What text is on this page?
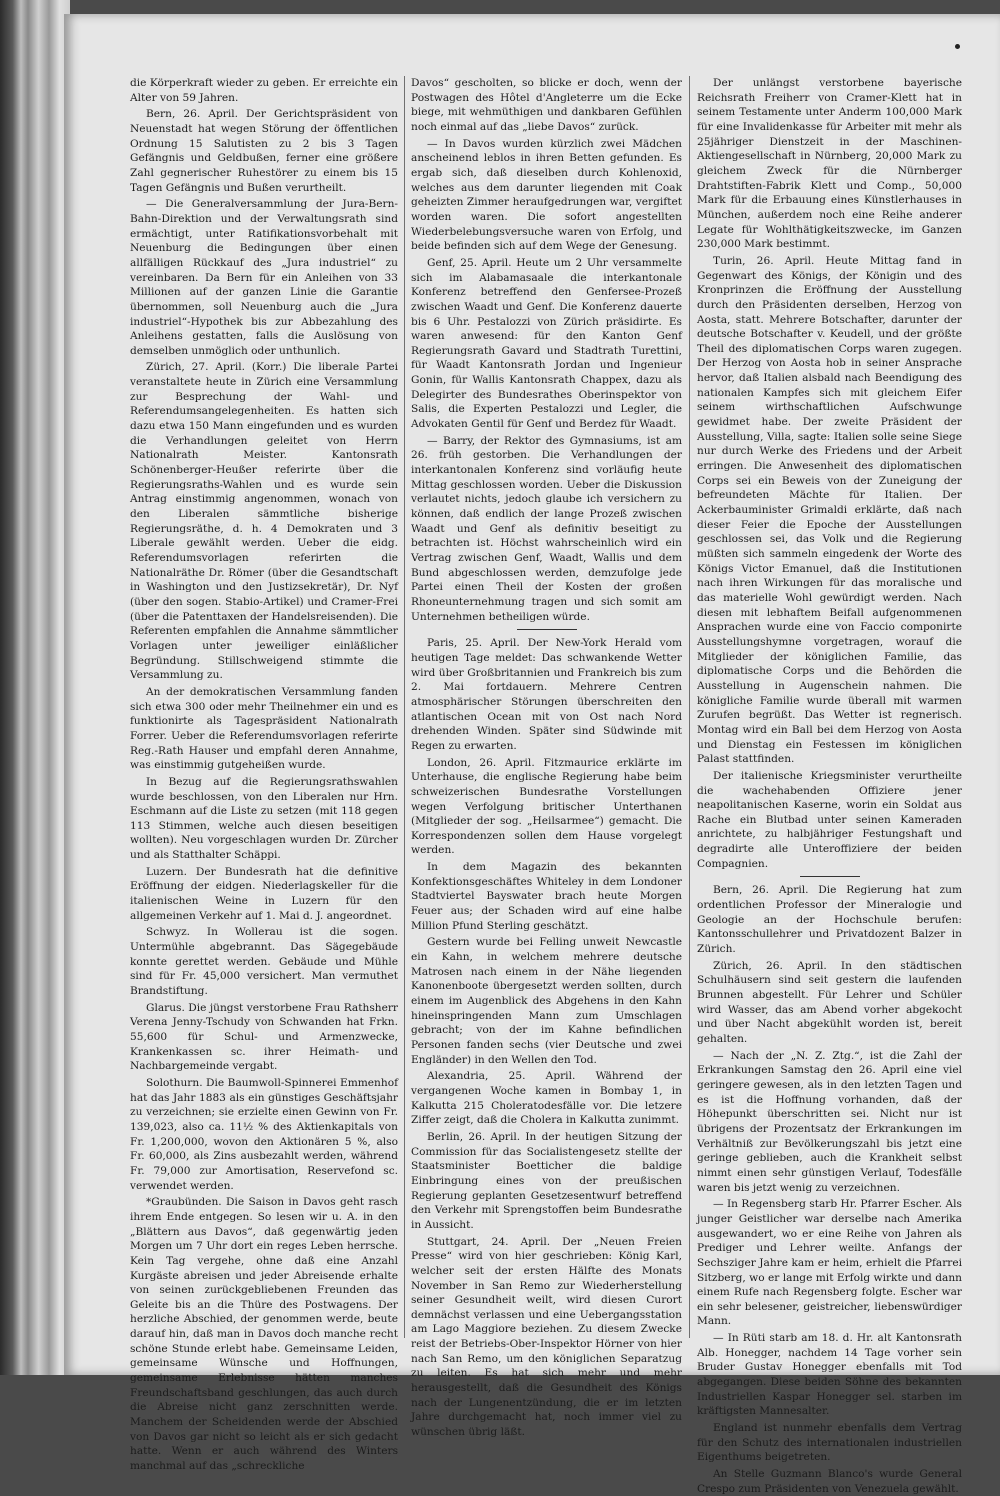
die Körperkraft wieder zu geben. Er erreichte ein Alter von 59 Jahren.

Bern, 26. April. Der Gerichtspräsident von Neuenstadt hat wegen Störung der öffentlichen Ordnung 15 Salutisten zu 2 bis 3 Tagen Gefängnis und Geldbußen, ferner eine größere Zahl gegnerischer Ruhestörer zu einem bis 15 Tagen Gefängnis und Bußen verurtheilt.

— Die Generalversammlung der Jura-Bern-Bahn-Direktion und der Verwaltungsrath sind ermächtigt, unter Ratifikationsvorbehalt mit Neuenburg die Bedingungen über einen allfälligen Rückkauf des „Jura industriel“ zu vereinbaren. Da Bern für ein Anleihen von 33 Millionen auf der ganzen Linie die Garantie übernommen, soll Neuenburg auch die „Jura industriel“-Hypothek bis zur Abbezahlung des Anleihens gestatten, falls die Auslösung von demselben unmöglich oder unthunlich.

Zürich, 27. April. (Korr.) Die liberale Partei veranstaltete heute in Zürich eine Versammlung zur Besprechung der Wahl- und Referendumsangelegenheiten. Es hatten sich dazu etwa 150 Mann eingefunden und es wurden die Verhandlungen geleitet von Herrn Nationalrath Meister. Kantonsrath Schönenberger-Heußer referirte über die Regierungsraths-Wahlen und es wurde sein Antrag einstimmig angenommen, wonach von den Liberalen sämmtliche bisherige Regierungsräthe, d. h. 4 Demokraten und 3 Liberale gewählt werden. Ueber die eidg. Referendumsvorlagen referirten die Nationalräthe Dr. Römer (über die Gesandtschaft in Washington und den Justizsekretär), Dr. Nyf (über den sogen. Stabio-Artikel) und Cramer-Frei (über die Patenttaxen der Handelsreisenden). Die Referenten empfahlen die Annahme sämmtlicher Vorlagen unter jeweiliger einläßlicher Begründung. Stillschweigend stimmte die Versammlung zu.

An der demokratischen Versammlung fanden sich etwa 300 oder mehr Theilnehmer ein und es funktionirte als Tagespräsident Nationalrath Forrer. Ueber die Referendumsvorlagen referirte Reg.-Rath Hauser und empfahl deren Annahme, was einstimmig gutgeheißen wurde.

In Bezug auf die Regierungsrathswahlen wurde beschlossen, von den Liberalen nur Hrn. Eschmann auf die Liste zu setzen (mit 118 gegen 113 Stimmen, welche auch diesen beseitigen wollten). Neu vorgeschlagen wurden Dr. Zürcher und als Statthalter Schäppi.

Luzern. Der Bundesrath hat die definitive Eröffnung der eidgen. Niederlagskeller für die italienischen Weine in Luzern für den allgemeinen Verkehr auf 1. Mai d. J. angeordnet.

Schwyz. In Wollerau ist die sogen. Untermühle abgebrannt. Das Sägegebäude konnte gerettet werden. Gebäude und Mühle sind für Fr. 45,000 versichert. Man vermuthet Brandstiftung.

Glarus. Die jüngst verstorbene Frau Rathsherr Verena Jenny-Tschudy von Schwanden hat Frkn. 55,600 für Schul- und Armenzwecke, Krankenkassen sc. ihrer Heimath- und Nachbargemeinde vergabt.

Solothurn. Die Baumwoll-Spinnerei Emmenhof hat das Jahr 1883 als ein günstiges Geschäftsjahr zu verzeichnen; sie erzielte einen Gewinn von Fr. 139,023, also ca. 11½ % des Aktienkapitals von Fr. 1,200,000, wovon den Aktionären 5 %, also Fr. 60,000, als Zins ausbezahlt werden, während Fr. 79,000 zur Amortisation, Reservefond sc. verwendet werden.

*Graubünden. Die Saison in Davos geht rasch ihrem Ende entgegen. So lesen wir u. A. in den „Blättern aus Davos“, daß gegenwärtig jeden Morgen um 7 Uhr dort ein reges Leben herrsche. Kein Tag vergehe, ohne daß eine Anzahl Kurgäste abreisen und jeder Abreisende erhalte von seinen zurückgebliebenen Freunden das Geleite bis an die Thüre des Postwagens. Der herzliche Abschied, der genommen werde, beute darauf hin, daß man in Davos doch manche recht schöne Stunde erlebt habe. Gemeinsame Leiden, gemeinsame Wünsche und Hoffnungen, gemeinsame Erlebnisse hätten manches Freundschaftsband geschlungen, das auch durch die Abreise nicht ganz zerschnitten werde. Manchem der Scheidenden werde der Abschied von Davos gar nicht so leicht als er sich gedacht hatte. Wenn er auch während des Winters manchmal auf das „schreckliche

Davos“ gescholten, so blicke er doch, wenn der Postwagen des Hôtel d'Angleterre um die Ecke biege, mit wehmüthigen und dankbaren Gefühlen noch einmal auf das „liebe Davos“ zurück.

— In Davos wurden kürzlich zwei Mädchen anscheinend leblos in ihren Betten gefunden. Es ergab sich, daß dieselben durch Kohlenoxid, welches aus dem darunter liegenden mit Coak geheizten Zimmer heraufgedrungen war, vergiftet worden waren. Die sofort angestellten Wiederbelebungsversuche waren von Erfolg, und beide befinden sich auf dem Wege der Genesung.

Genf, 25. April. Heute um 2 Uhr versammelte sich im Alabamasaale die interkantonale Konferenz betreffend den Genfersee-Prozeß zwischen Waadt und Genf. Die Konferenz dauerte bis 6 Uhr. Pestalozzi von Zürich präsidirte. Es waren anwesend: für den Kanton Genf Regierungsrath Gavard und Stadtrath Turettini, für Waadt Kantonsrath Jordan und Ingenieur Gonin, für Wallis Kantonsrath Chappex, dazu als Delegirter des Bundesrathes Oberinspektor von Salis, die Experten Pestalozzi und Legler, die Advokaten Gentil für Genf und Berdez für Waadt.

— Barry, der Rektor des Gymnasiums, ist am 26. früh gestorben. Die Verhandlungen der interkantonalen Konferenz sind vorläufig heute Mittag geschlossen worden. Ueber die Diskussion verlautet nichts, jedoch glaube ich versichern zu können, daß endlich der lange Prozeß zwischen Waadt und Genf als definitiv beseitigt zu betrachten ist. Höchst wahrscheinlich wird ein Vertrag zwischen Genf, Waadt, Wallis und dem Bund abgeschlossen werden, demzufolge jede Partei einen Theil der Kosten der großen Rhoneunternehmung tragen und sich somit am Unternehmen betheiligen würde.

Paris, 25. April. Der New-York Herald vom heutigen Tage meldet: Das schwankende Wetter wird über Großbritannien und Frankreich bis zum 2. Mai fortdauern. Mehrere Centren atmosphärischer Störungen überschreiten den atlantischen Ocean mit von Ost nach Nord drehenden Winden. Später sind Südwinde mit Regen zu erwarten.

London, 26. April. Fitzmaurice erklärte im Unterhause, die englische Regierung habe beim schweizerischen Bundesrathe Vorstellungen wegen Verfolgung britischer Unterthanen (Mitglieder der sog. „Heilsarmee“) gemacht. Die Korrespondenzen sollen dem Hause vorgelegt werden.

In dem Magazin des bekannten Konfektionsgeschäftes Whiteley in dem Londoner Stadtviertel Bayswater brach heute Morgen Feuer aus; der Schaden wird auf eine halbe Million Pfund Sterling geschätzt.

Gestern wurde bei Felling unweit Newcastle ein Kahn, in welchem mehrere deutsche Matrosen nach einem in der Nähe liegenden Kanonenboote übergesetzt werden sollten, durch einem im Augenblick des Abgehens in den Kahn hineinspringenden Mann zum Umschlagen gebracht; von der im Kahne befindlichen Personen fanden sechs (vier Deutsche und zwei Engländer) in den Wellen den Tod.

Alexandria, 25. April. Während der vergangenen Woche kamen in Bombay 1, in Kalkutta 215 Choleratodesfälle vor. Die letzere Ziffer zeigt, daß die Cholera in Kalkutta zunimmt.

Berlin, 26. April. In der heutigen Sitzung der Commission für das Socialistengesetz stellte der Staatsminister Boetticher die baldige Einbringung eines von der preußischen Regierung geplanten Gesetzesentwurf betreffend den Verkehr mit Sprengstoffen beim Bundesrathe in Aussicht.

Stuttgart, 24. April. Der „Neuen Freien Presse“ wird von hier geschrieben: König Karl, welcher seit der ersten Hälfte des Monats November in San Remo zur Wiederherstellung seiner Gesundheit weilt, wird diesen Curort demnächst verlassen und eine Uebergangsstation am Lago Maggiore beziehen. Zu diesem Zwecke reist der Betriebs-Ober-Inspektor Hörner von hier nach San Remo, um den königlichen Separatzug zu leiten. Es hat sich mehr und mehr herausgestellt, daß die Gesundheit des Königs nach der Lungenentzündung, die er im letzten Jahre durchgemacht hat, noch immer viel zu wünschen übrig läßt.

Der unlängst verstorbene bayerische Reichsrath Freiherr von Cramer-Klett hat in seinem Testamente unter Anderm 100,000 Mark für eine Invalidenkasse für Arbeiter mit mehr als 25jähriger Dienstzeit in der Maschinen-Aktiengesellschaft in Nürnberg, 20,000 Mark zu gleichem Zweck für die Nürnberger Drahtstiften-Fabrik Klett und Comp., 50,000 Mark für die Erbauung eines Künstlerhauses in München, außerdem noch eine Reihe anderer Legate für Wohlthätigkeitszwecke, im Ganzen 230,000 Mark bestimmt.

Turin, 26. April. Heute Mittag fand in Gegenwart des Königs, der Königin und des Kronprinzen die Eröffnung der Ausstellung durch den Präsidenten derselben, Herzog von Aosta, statt. Mehrere Botschafter, darunter der deutsche Botschafter v. Keudell, und der größte Theil des diplomatischen Corps waren zugegen. Der Herzog von Aosta hob in seiner Ansprache hervor, daß Italien alsbald nach Beendigung des nationalen Kampfes sich mit gleichem Eifer seinem wirthschaftlichen Aufschwunge gewidmet habe. Der zweite Präsident der Ausstellung, Villa, sagte: Italien solle seine Siege nur durch Werke des Friedens und der Arbeit erringen. Die Anwesenheit des diplomatischen Corps sei ein Beweis von der Zuneigung der befreundeten Mächte für Italien. Der Ackerbauminister Grimaldi erklärte, daß nach dieser Feier die Epoche der Ausstellungen geschlossen sei, das Volk und die Regierung müßten sich sammeln eingedenk der Worte des Königs Victor Emanuel, daß die Institutionen nach ihren Wirkungen für das moralische und das materielle Wohl gewürdigt werden. Nach diesen mit lebhaftem Beifall aufgenommenen Ansprachen wurde eine von Faccio componirte Ausstellungshymne vorgetragen, worauf die Mitglieder der königlichen Familie, das diplomatische Corps und die Behörden die Ausstellung in Augenschein nahmen. Die königliche Familie wurde überall mit warmen Zurufen begrüßt. Das Wetter ist regnerisch. Montag wird ein Ball bei dem Herzog von Aosta und Dienstag ein Festessen im königlichen Palast stattfinden.

Der italienische Kriegsminister verurtheilte die wachehabenden Offiziere jener neapolitanischen Kaserne, worin ein Soldat aus Rache ein Blutbad unter seinen Kameraden anrichtete, zu halbjähriger Festungshaft und degradirte alle Unteroffiziere der beiden Compagnien.

Bern, 26. April. Die Regierung hat zum ordentlichen Professor der Mineralogie und Geologie an der Hochschule berufen: Kantonsschullehrer und Privatdozent Balzer in Zürich.

Zürich, 26. April. In den städtischen Schulhäusern sind seit gestern die laufenden Brunnen abgestellt. Für Lehrer und Schüler wird Wasser, das am Abend vorher abgekocht und über Nacht abgekühlt worden ist, bereit gehalten.

— Nach der „N. Z. Ztg.“, ist die Zahl der Erkrankungen Samstag den 26. April eine viel geringere gewesen, als in den letzten Tagen und es ist die Hoffnung vorhanden, daß der Höhepunkt überschritten sei. Nicht nur ist übrigens der Prozentsatz der Erkrankungen im Verhältniß zur Bevölkerungszahl bis jetzt eine geringe geblieben, auch die Krankheit selbst nimmt einen sehr günstigen Verlauf, Todesfälle waren bis jetzt wenig zu verzeichnen.

— In Regensberg starb Hr. Pfarrer Escher. Als junger Geistlicher war derselbe nach Amerika ausgewandert, wo er eine Reihe von Jahren als Prediger und Lehrer weilte. Anfangs der Sechsziger Jahre kam er heim, erhielt die Pfarrei Sitzberg, wo er lange mit Erfolg wirkte und dann einem Rufe nach Regensberg folgte. Escher war ein sehr belesener, geistreicher, liebenswürdiger Mann.

— In Rüti starb am 18. d. Hr. alt Kantonsrath Alb. Honegger, nachdem 14 Tage vorher sein Bruder Gustav Honegger ebenfalls mit Tod abgegangen. Diese beiden Söhne des bekannten Industriellen Kaspar Honegger sel. starben im kräftigsten Mannesalter.

England ist nunmehr ebenfalls dem Vertrag für den Schutz des internationalen industriellen Eigenthums beigetreten.

An Stelle Guzmann Blanco's wurde General Crespo zum Präsidenten von Venezuela gewählt.
